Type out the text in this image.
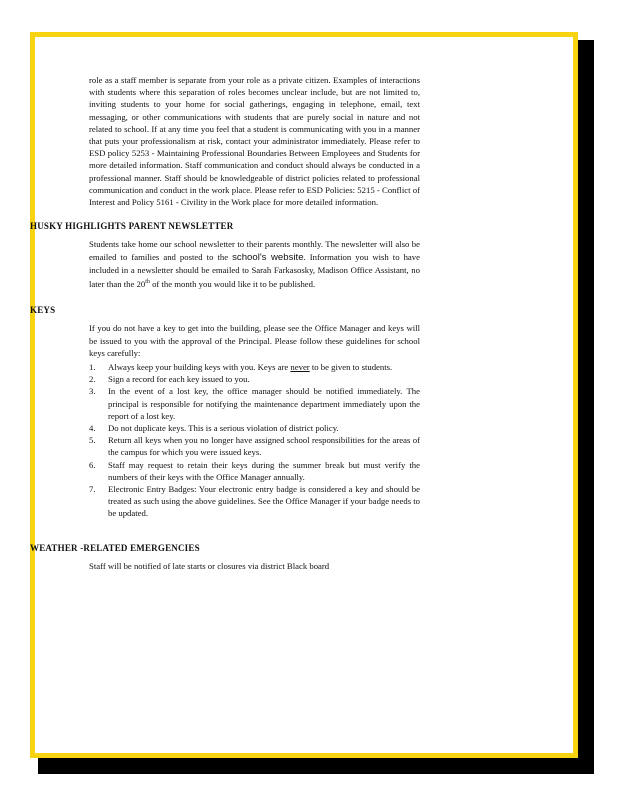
role as a staff member is separate from your role as a private citizen. Examples of interactions with students where this separation of roles becomes unclear include, but are not limited to, inviting students to your home for social gatherings, engaging in telephone, email, text messaging, or other communications with students that are purely social in nature and not related to school. If at any time you feel that a student is communicating with you in a manner that puts your professionalism at risk, contact your administrator immediately. Please refer to ESD policy 5253 - Maintaining Professional Boundaries Between Employees and Students for more detailed information. Staff communication and conduct should always be conducted in a professional manner. Staff should be knowledgeable of district policies related to professional communication and conduct in the work place. Please refer to ESD Policies: 5215 - Conflict of Interest and Policy 5161 - Civility in the Work place for more detailed information.

HUSKY HIGHLIGHTS PARENT NEWSLETTER

Students take home our school newsletter to their parents monthly. The newsletter will also be emailed to families and posted to the school's website. Information you wish to have included in a newsletter should be emailed to Sarah Farkasosky, Madison Office Assistant, no later than the 20th of the month you would like it to be published.

KEYS

If you do not have a key to get into the building, please see the Office Manager and keys will be issued to you with the approval of the Principal. Please follow these guidelines for school keys carefully:

1. Always keep your building keys with you. Keys are never to be given to students.
2. Sign a record for each key issued to you.
3. In the event of a lost key, the office manager should be notified immediately. The principal is responsible for notifying the maintenance department immediately upon the report of a lost key.
4. Do not duplicate keys. This is a serious violation of district policy.
5. Return all keys when you no longer have assigned school responsibilities for the areas of the campus for which you were issued keys.
6. Staff may request to retain their keys during the summer break but must verify the numbers of their keys with the Office Manager annually.
7. Electronic Entry Badges: Your electronic entry badge is considered a key and should be treated as such using the above guidelines. See the Office Manager if your badge needs to be updated.
WEATHER -RELATED EMERGENCIES

Staff will be notified of late starts or closures via district Black board
